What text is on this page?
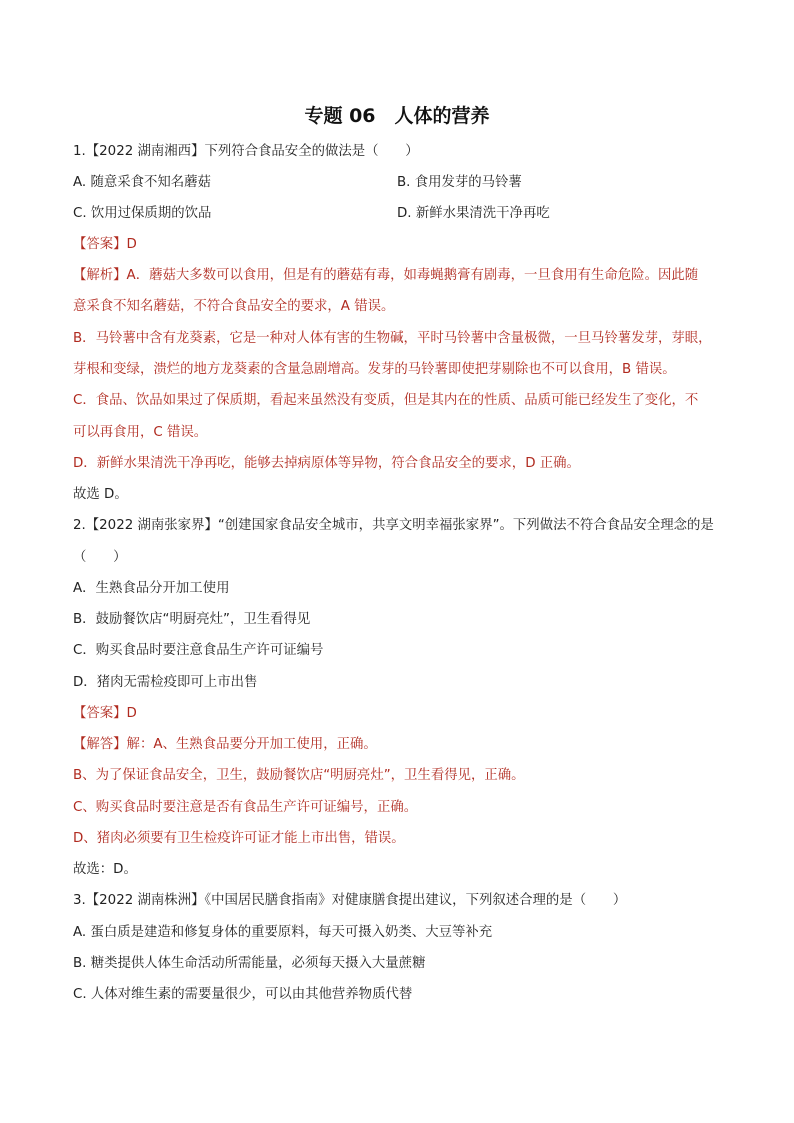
专题 06　人体的营养
1.【2022 湖南湘西】下列符合食品安全的做法是（　　）
A. 随意采食不知名蘑菇	B. 食用发芽的马铃薯
C. 饮用过保质期的饮品	D. 新鲜水果清洗干净再吃
【答案】D
【解析】A．蘑菇大多数可以食用，但是有的蘑菇有毒，如毒蝇鹅膏有剧毒，一旦食用有生命危险。因此随
意采食不知名蘑菇，不符合食品安全的要求，A 错误。
B．马铃薯中含有龙葵素，它是一种对人体有害的生物碱，平时马铃薯中含量极微，一旦马铃薯发芽，芽眼，
芽根和变绿，溃烂的地方龙葵素的含量急剧增高。发芽的马铃薯即使把芽剔除也不可以食用，B 错误。
C．食品、饮品如果过了保质期，看起来虽然没有变质，但是其内在的性质、品质可能已经发生了变化，不
可以再食用，C 错误。
D．新鲜水果清洗干净再吃，能够去掉病原体等异物，符合食品安全的要求，D 正确。
故选 D。
2.【2022 湖南张家界】“创建国家食品安全城市，共享文明幸福张家界”。下列做法不符合食品安全理念的是
（　　）
A．生熟食品分开加工使用
B．鼓励餐饮店“明厨亮灶”，卫生看得见
C．购买食品时要注意食品生产许可证编号
D．猪肉无需检疫即可上市出售
【答案】D
【解答】解：A、生熟食品要分开加工使用，正确。
B、为了保证食品安全，卫生，鼓励餐饮店“明厨亮灶”，卫生看得见，正确。
C、购买食品时要注意是否有食品生产许可证编号，正确。
D、猪肉必须要有卫生检疫许可证才能上市出售，错误。
故选：D。
3.【2022 湖南株洲】《中国居民膳食指南》对健康膳食提出建议，下列叙述合理的是（　　）
A. 蛋白质是建造和修复身体的重要原料，每天可摄入奶类、大豆等补充
B. 糖类提供人体生命活动所需能量，必须每天摄入大量蔗糖
C. 人体对维生素的需要量很少，可以由其他营养物质代替
